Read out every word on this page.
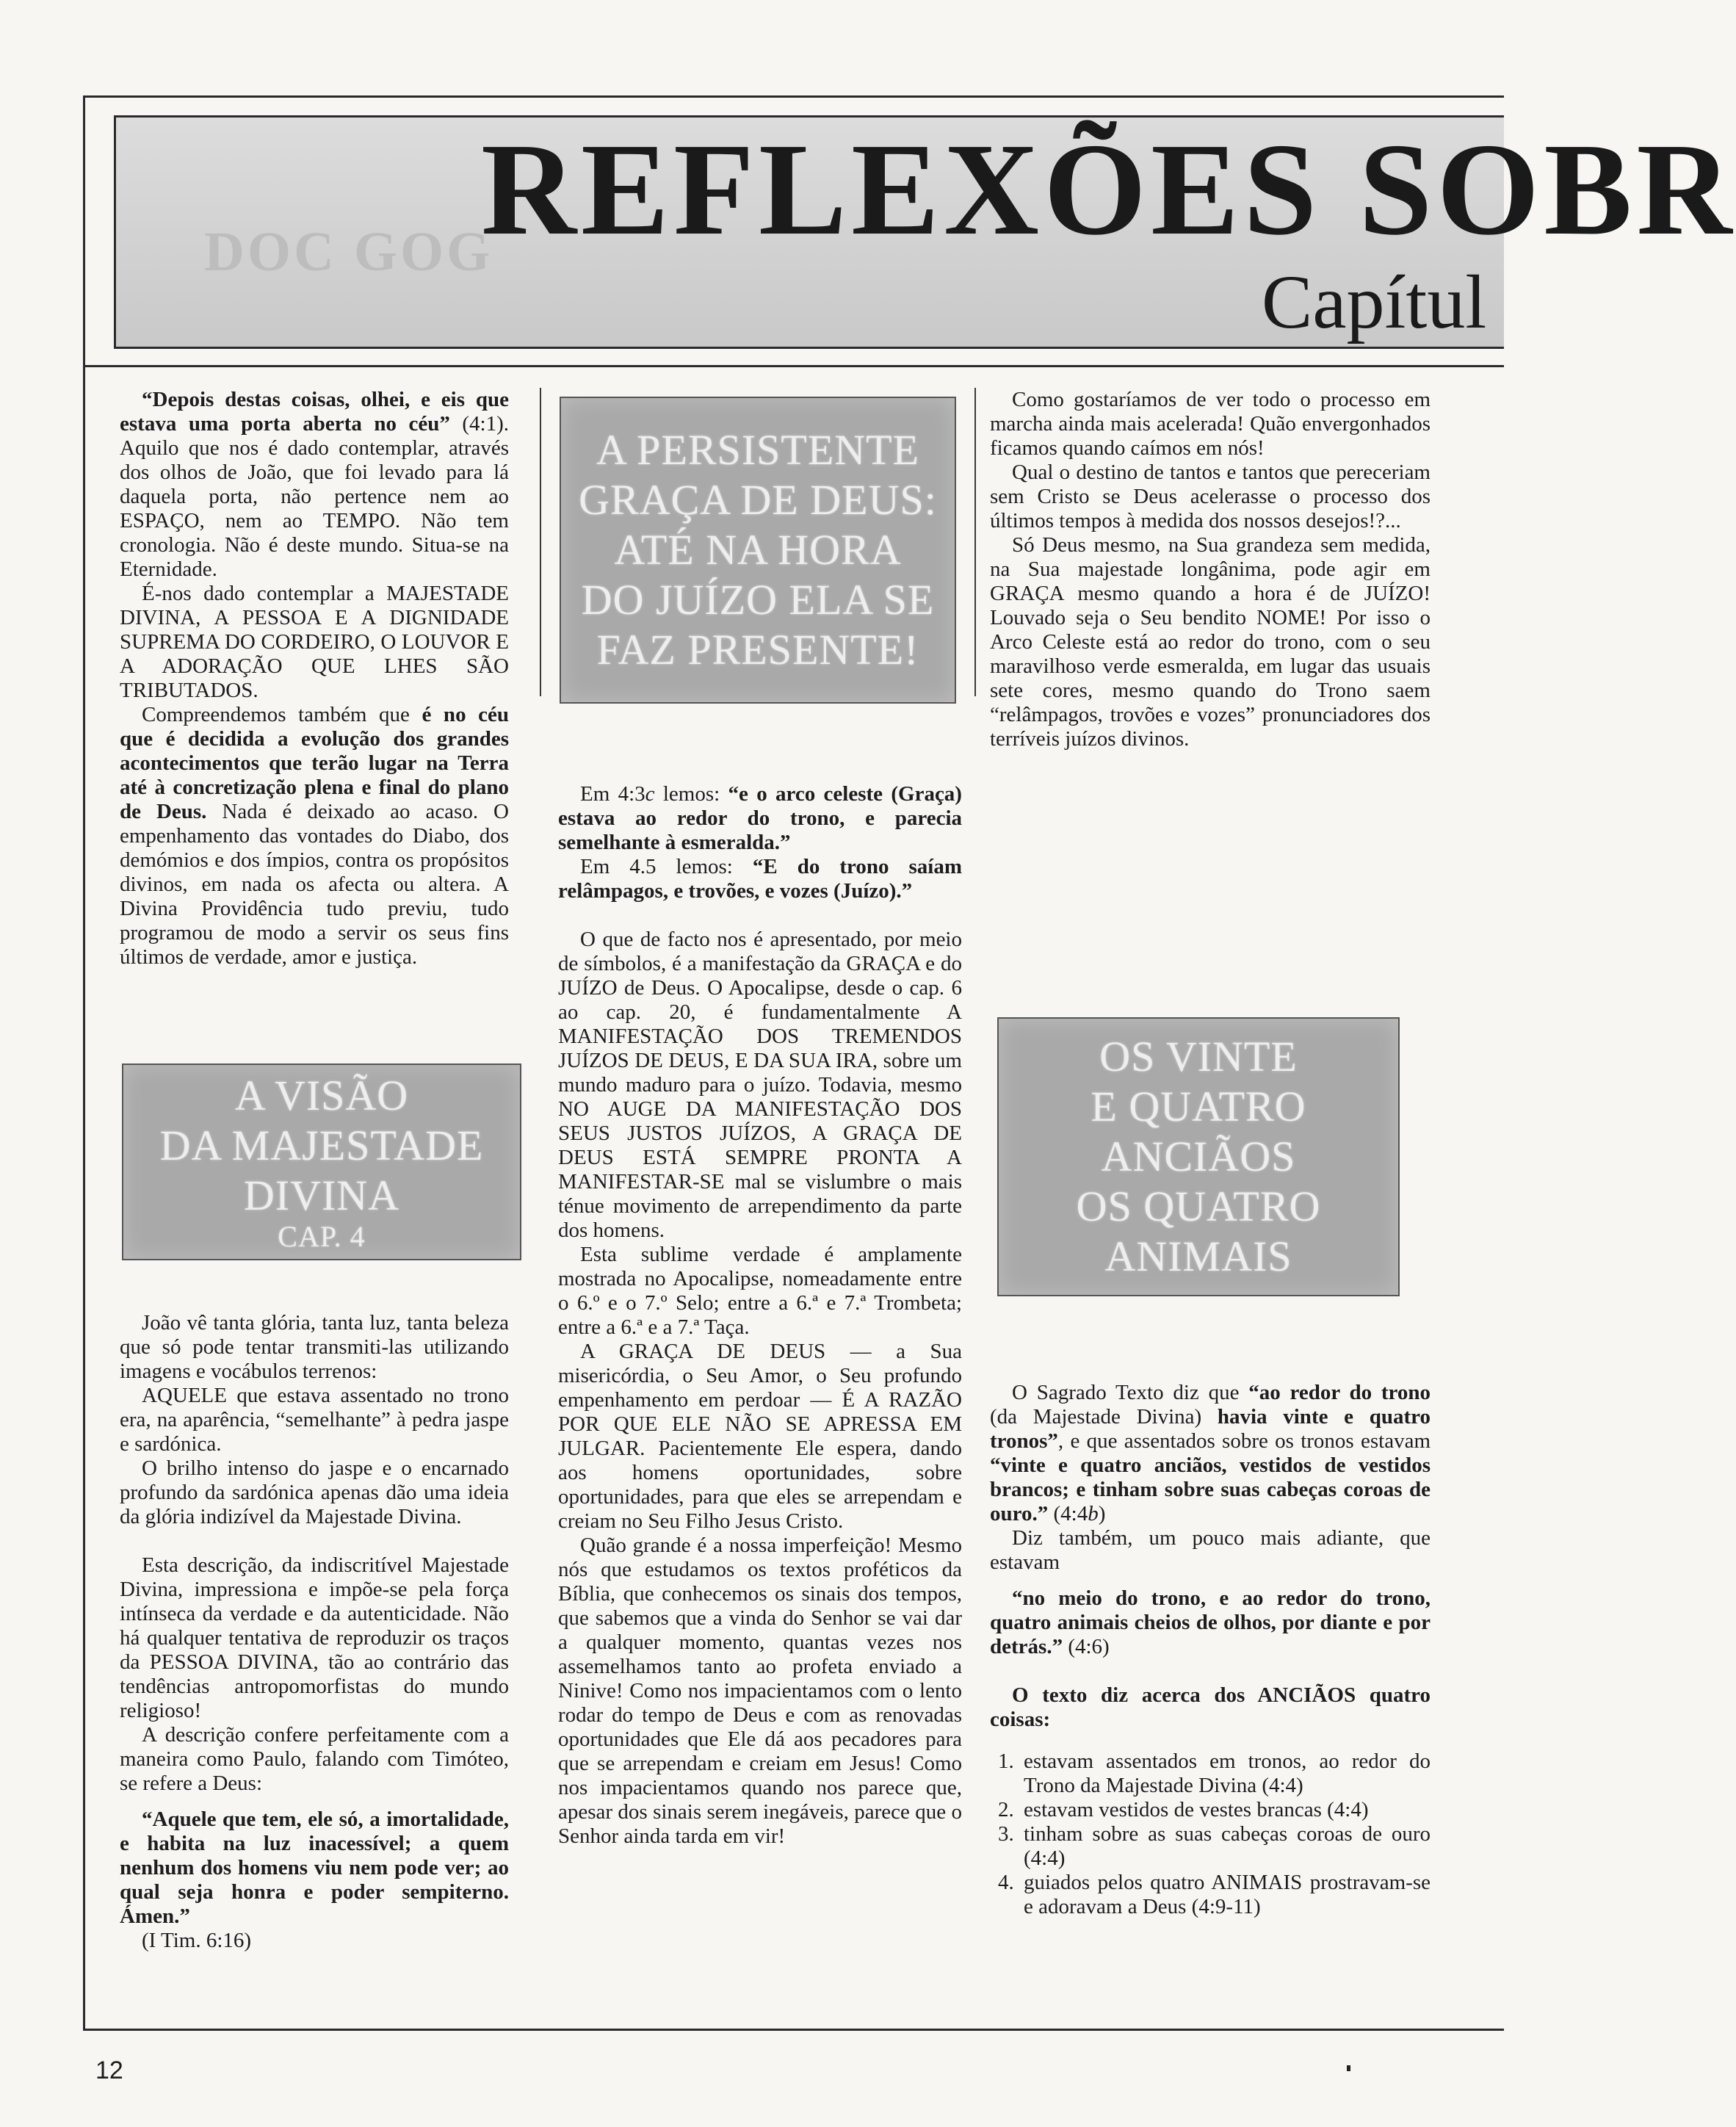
DOC GOG
REFLEXÕES SOBR
Capítul

“Depois destas coisas, olhei, e eis que estava uma porta aberta no céu” (4:1). Aquilo que nos é dado contemplar, através dos olhos de João, que foi levado para lá daquela porta, não pertence nem ao ESPAÇO, nem ao TEMPO. Não tem cronologia. Não é deste mundo. Situa-se na Eternidade.

É-nos dado contemplar a MAJESTADE DIVINA, A PESSOA E A DIGNIDADE SUPREMA DO CORDEIRO, O LOUVOR E A ADORAÇÃO QUE LHES SÃO TRIBUTADOS.

Compreendemos também que é no céu que é decidida a evolução dos grandes acontecimentos que terão lugar na Terra até à concretização plena e final do plano de Deus. Nada é deixado ao acaso. O empenhamento das vontades do Diabo, dos demómios e dos ímpios, contra os propósitos divinos, em nada os afecta ou altera. A Divina Providência tudo previu, tudo programou de modo a servir os seus fins últimos de verdade, amor e justiça.

A VISÃO
DA MAJESTADE
DIVINA
CAP. 4

João vê tanta glória, tanta luz, tanta beleza que só pode tentar transmiti-las utilizando imagens e vocábulos terrenos:

AQUELE que estava assentado no trono era, na aparência, “semelhante” à pedra jaspe e sardónica.

O brilho intenso do jaspe e o encarnado profundo da sardónica apenas dão uma ideia da glória indizível da Majestade Divina.

Esta descrição, da indiscritível Majestade Divina, impressiona e impõe-se pela força intínseca da verdade e da autenticidade. Não há qualquer tentativa de reproduzir os traços da PESSOA DIVINA, tão ao contrário das tendências antropomorfistas do mundo religioso!

A descrição confere perfeitamente com a maneira como Paulo, falando com Timóteo, se refere a Deus:

“Aquele que tem, ele só, a imortalidade, e habita na luz inacessível; a quem nenhum dos homens viu nem pode ver; ao qual seja honra e poder sempiterno. Ámen.”

(I Tim. 6:16)

A PERSISTENTE
GRAÇA DE DEUS:
ATÉ NA HORA
DO JUÍZO ELA SE
FAZ PRESENTE!

Em 4:3c lemos: “e o arco celeste (Graça) estava ao redor do trono, e parecia semelhante à esmeralda.”

Em 4.5 lemos: “E do trono saíam relâmpagos, e trovões, e vozes (Juízo).”

O que de facto nos é apresentado, por meio de símbolos, é a manifestação da GRAÇA e do JUÍZO de Deus. O Apocalipse, desde o cap. 6 ao cap. 20, é fundamentalmente A MANIFESTAÇÃO DOS TREMENDOS JUÍZOS DE DEUS, E DA SUA IRA, sobre um mundo maduro para o juízo. Todavia, mesmo NO AUGE DA MANIFESTAÇÃO DOS SEUS JUSTOS JUÍZOS, A GRAÇA DE DEUS ESTÁ SEMPRE PRONTA A MANIFESTAR-SE mal se vislumbre o mais ténue movimento de arrependimento da parte dos homens.

Esta sublime verdade é amplamente mostrada no Apocalipse, nomeadamente entre o 6.º e o 7.º Selo; entre a 6.ª e 7.ª Trombeta; entre a 6.ª e a 7.ª Taça.

A GRAÇA DE DEUS — a Sua misericórdia, o Seu Amor, o Seu profundo empenhamento em perdoar — É A RAZÃO POR QUE ELE NÃO SE APRESSA EM JULGAR. Pacientemente Ele espera, dando aos homens oportunidades, sobre oportunidades, para que eles se arrependam e creiam no Seu Filho Jesus Cristo.

Quão grande é a nossa imperfeição! Mesmo nós que estudamos os textos proféticos da Bíblia, que conhecemos os sinais dos tempos, que sabemos que a vinda do Senhor se vai dar a qualquer momento, quantas vezes nos assemelhamos tanto ao profeta enviado a Ninive! Como nos impacientamos com o lento rodar do tempo de Deus e com as renovadas oportunidades que Ele dá aos pecadores para que se arrependam e creiam em Jesus! Como nos impacientamos quando nos parece que, apesar dos sinais serem inegáveis, parece que o Senhor ainda tarda em vir!

Como gostaríamos de ver todo o processo em marcha ainda mais acelerada! Quão envergonhados ficamos quando caímos em nós!

Qual o destino de tantos e tantos que pereceriam sem Cristo se Deus acelerasse o processo dos últimos tempos à medida dos nossos desejos!?...

Só Deus mesmo, na Sua grandeza sem medida, na Sua majestade longânima, pode agir em GRAÇA mesmo quando a hora é de JUÍZO! Louvado seja o Seu bendito NOME! Por isso o Arco Celeste está ao redor do trono, com o seu maravilhoso verde esmeralda, em lugar das usuais sete cores, mesmo quando do Trono saem “relâmpagos, trovões e vozes” pronunciadores dos terríveis juízos divinos.

OS VINTE
E QUATRO
ANCIÃOS
OS QUATRO
ANIMAIS

O Sagrado Texto diz que “ao redor do trono (da Majestade Divina) havia vinte e quatro tronos”, e que assentados sobre os tronos estavam “vinte e quatro anciãos, vestidos de vestidos brancos; e tinham sobre suas cabeças coroas de ouro.” (4:4b)

Diz também, um pouco mais adiante, que estavam

“no meio do trono, e ao redor do trono, quatro animais cheios de olhos, por diante e por detrás.” (4:6)

O texto diz acerca dos ANCIÃOS quatro coisas:

1. estavam assentados em tronos, ao redor do Trono da Majestade Divina (4:4)
2. estavam vestidos de vestes brancas (4:4)
3. tinham sobre as suas cabeças coroas de ouro (4:4)
4. guiados pelos quatro ANIMAIS prostravam-se e adoravam a Deus (4:9-11)
12
